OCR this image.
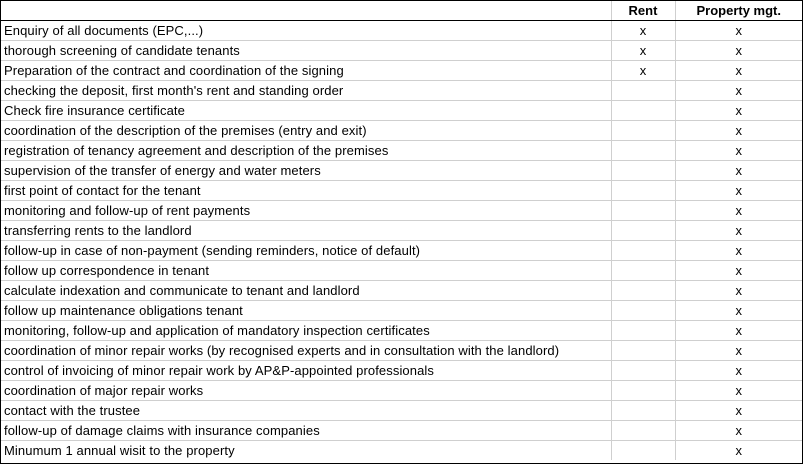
	Rent	Property mgt.
Enquiry of all documents (EPC,...)	x	x
thorough screening of candidate tenants	x	x
Preparation of the contract and coordination of the signing	x	x
checking the deposit, first month's rent and standing order		x
Check fire insurance certificate		x
coordination of the description of the premises (entry and exit)		x
registration of tenancy agreement and description of the premises		x
supervision of the transfer of energy and water meters		x
first point of contact for the tenant		x
monitoring and follow-up of rent payments		x
transferring rents to the landlord		x
follow-up in case of non-payment (sending reminders, notice of default)		x
follow up correspondence in tenant		x
calculate indexation and communicate to tenant and landlord		x
follow up maintenance obligations tenant		x
monitoring, follow-up and application of mandatory inspection certificates		x
coordination of minor repair works (by recognised experts and in consultation with the landlord)		x
control of invoicing of minor repair work by AP&P-appointed professionals		x
coordination of major repair works		x
contact with the trustee		x
follow-up of damage claims with insurance companies		x
Minumum 1 annual wisit to the property		x
